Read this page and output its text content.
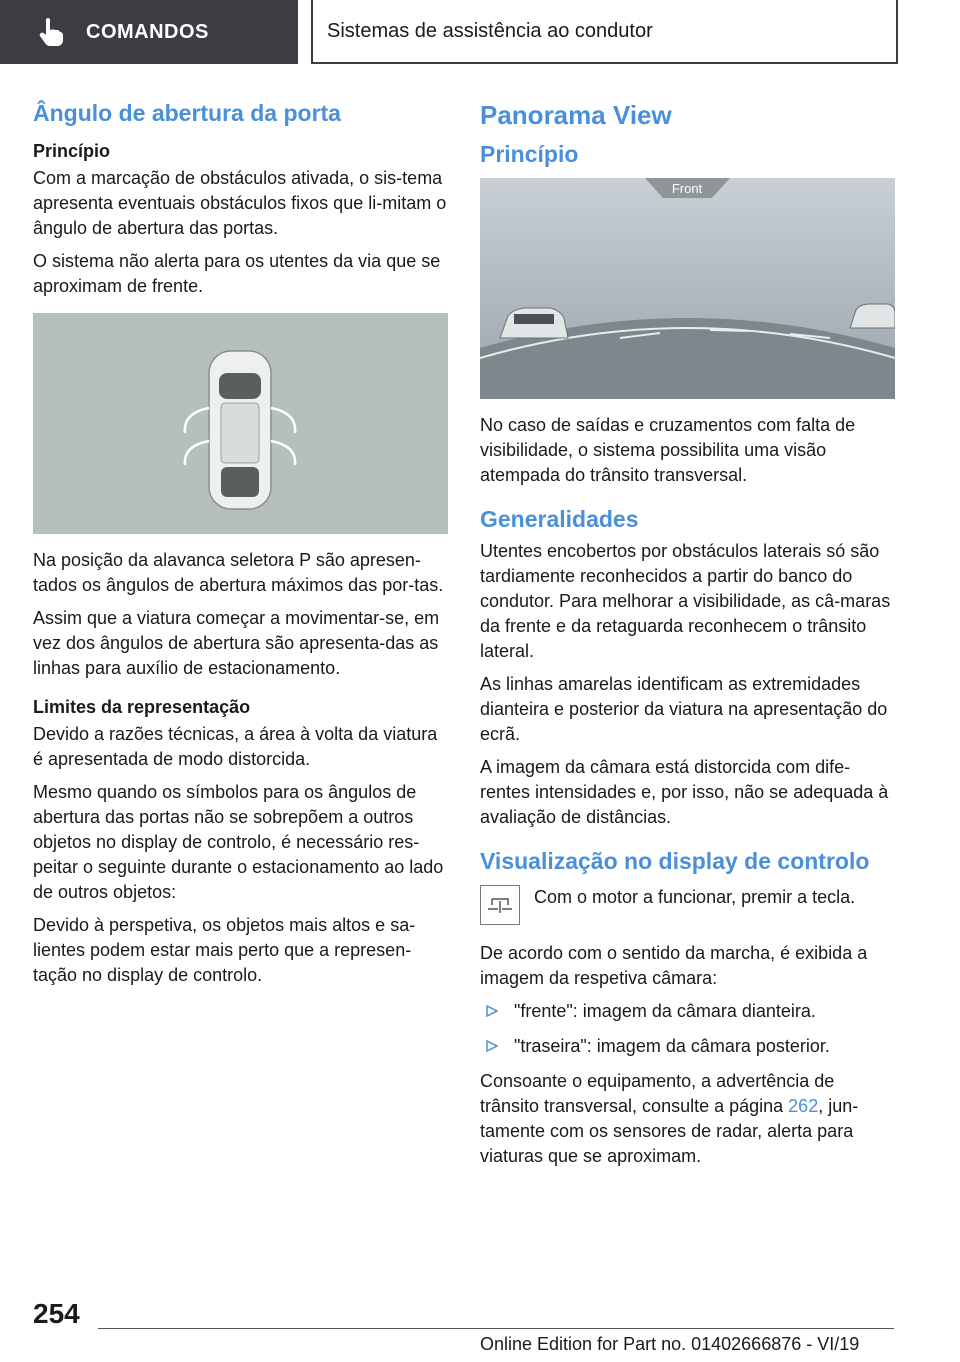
COMANDOS	Sistemas de assistência ao condutor
Ângulo de abertura da porta
Princípio

Com a marcação de obstáculos ativada, o sis-tema apresenta eventuais obstáculos fixos que li-mitam o ângulo de abertura das portas.

O sistema não alerta para os utentes da via que se aproximam de frente.

Na posição da alavanca seletora P são apresen-tados os ângulos de abertura máximos das por-tas.

Assim que a viatura começar a movimentar-se, em vez dos ângulos de abertura são apresenta-das as linhas para auxílio de estacionamento.

Limites da representação

Devido a razões técnicas, a área à volta da viatura é apresentada de modo distorcida.

Mesmo quando os símbolos para os ângulos de abertura das portas não se sobrepõem a outros objetos no display de controlo, é necessário res-peitar o seguinte durante o estacionamento ao lado de outros objetos:

Devido à perspetiva, os objetos mais altos e sa-lientes podem estar mais perto que a represen-tação no display de controlo.

Panorama View
Princípio
Front

No caso de saídas e cruzamentos com falta de visibilidade, o sistema possibilita uma visão atempada do trânsito transversal.

Generalidades

Utentes encobertos por obstáculos laterais só são tardiamente reconhecidos a partir do banco do condutor. Para melhorar a visibilidade, as câ-maras da frente e da retaguarda reconhecem o trânsito lateral.

As linhas amarelas identificam as extremidades dianteira e posterior da viatura na apresentação do ecrã.

A imagem da câmara está distorcida com dife-rentes intensidades e, por isso, não se adequada à avaliação de distâncias.

Visualização no display de controlo

Com o motor a funcionar, premir a tecla.

De acordo com o sentido da marcha, é exibida a imagem da respetiva câmara:

"frente": imagem da câmara dianteira.

"traseira": imagem da câmara posterior.

Consoante o equipamento, a advertência de trânsito transversal, consulte a página 262, jun-tamente com os sensores de radar, alerta para viaturas que se aproximam.

254
Online Edition for Part no. 01402666876 - VI/19
